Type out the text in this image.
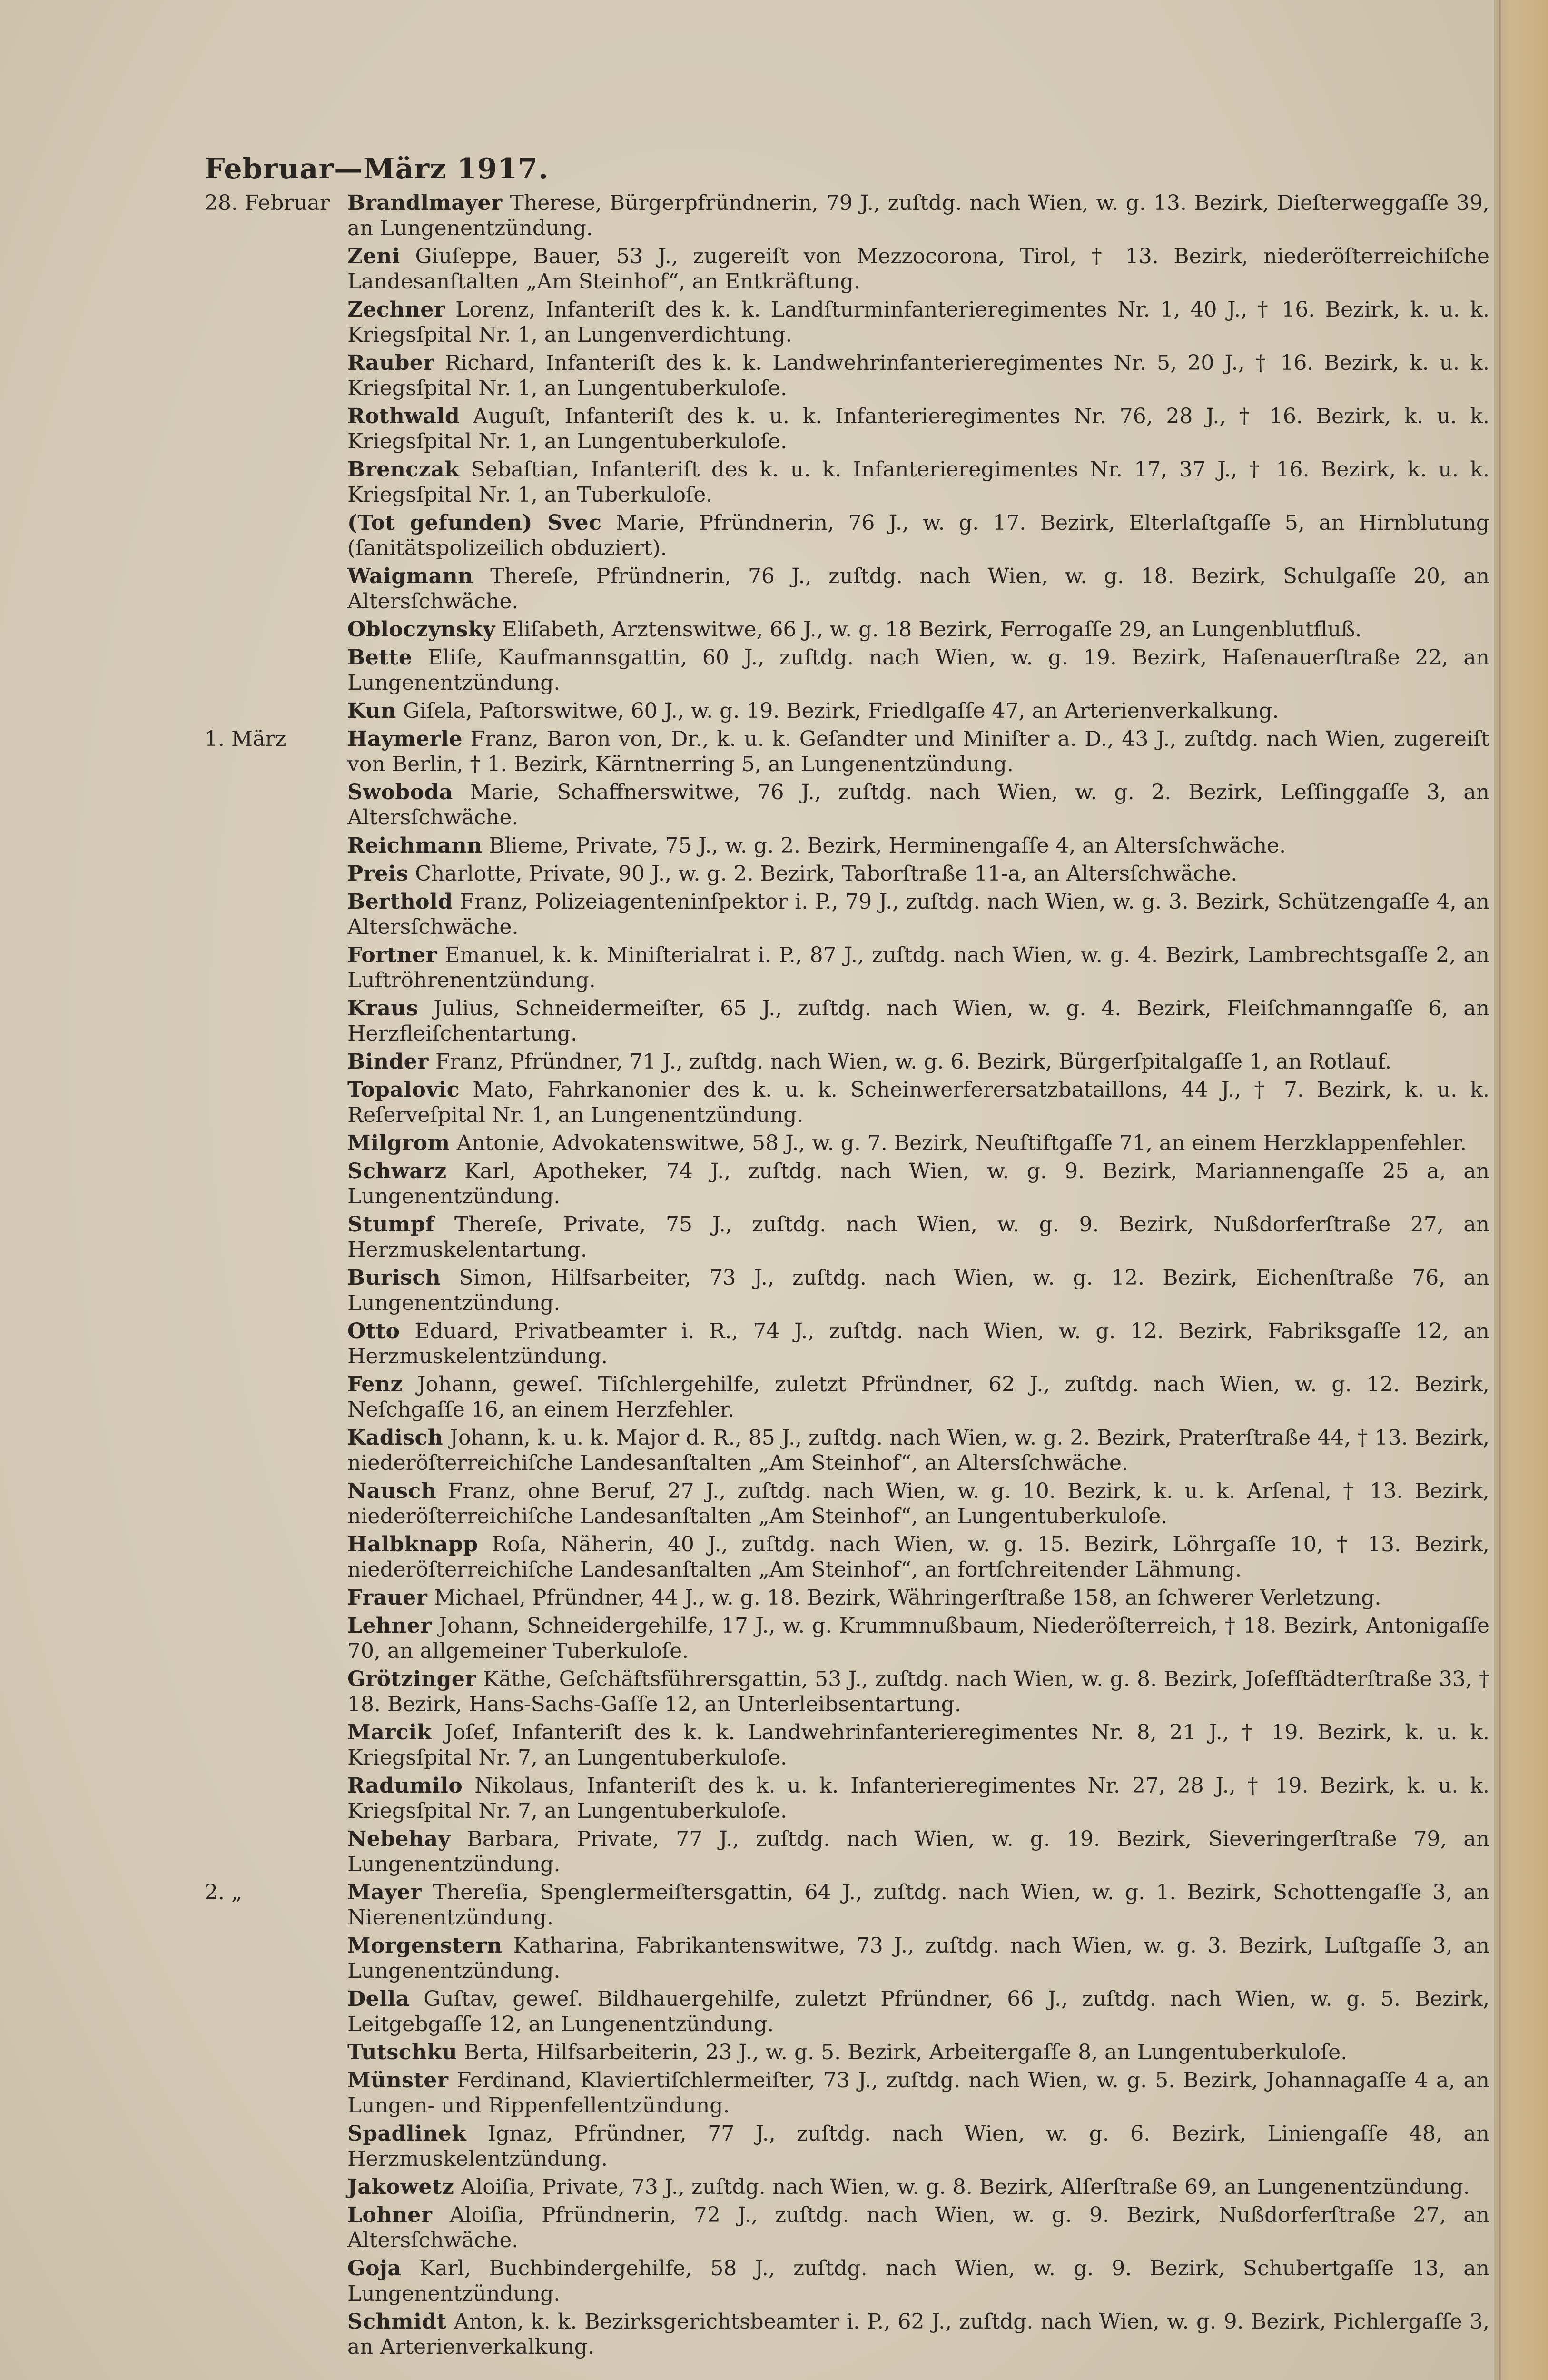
Februar—März 1917.
28. Februar Brandlmayer Therese, Bürgerpfründnerin, 79 J., zuſtdg. nach Wien, w. g. 13. Bezirk, Dieſterweggaſſe 39, an Lungenentzündung.
Zeni Giuſeppe, Bauer, 53 J., zugereiſt von Mezzocorona, Tirol, † 13. Bezirk, niederöſterreichiſche Landesanſtalten „Am Steinhof“, an Entkräftung.
Zechner Lorenz, Infanteriſt des k. k. Landſturminfanterieregimentes Nr. 1, 40 J., † 16. Bezirk, k. u. k. Kriegsſpital Nr. 1, an Lungenverdichtung.
Rauber Richard, Infanteriſt des k. k. Landwehrinfanterieregimentes Nr. 5, 20 J., † 16. Bezirk, k. u. k. Kriegsſpital Nr. 1, an Lungentuberkuloſe.
Rothwald Auguſt, Infanteriſt des k. u. k. Infanterieregimentes Nr. 76, 28 J., † 16. Bezirk, k. u. k. Kriegsſpital Nr. 1, an Lungentuberkuloſe.
Brenczak Sebaſtian, Infanteriſt des k. u. k. Infanterieregimentes Nr. 17, 37 J., † 16. Bezirk, k. u. k. Kriegsſpital Nr. 1, an Tuberkuloſe.
(Tot gefunden) Svec Marie, Pfründnerin, 76 J., w. g. 17. Bezirk, Elterlaſtgaſſe 5, an Hirnblutung (ſanitätspolizeilich obduziert).
Waigmann Thereſe, Pfründnerin, 76 J., zuſtdg. nach Wien, w. g. 18. Bezirk, Schulgaſſe 20, an Altersſchwäche.
Obloczynsky Eliſabeth, Arztenswitwe, 66 J., w. g. 18 Bezirk, Ferrogaſſe 29, an Lungenblutfluß.
Bette Eliſe, Kaufmannsgattin, 60 J., zuſtdg. nach Wien, w. g. 19. Bezirk, Haſenauerſtraße 22, an Lungenentzündung.
Kun Giſela, Paſtorswitwe, 60 J., w. g. 19. Bezirk, Friedlgaſſe 47, an Arterienverkalkung.
1. März	Haymerle Franz, Baron von, Dr., k. u. k. Geſandter und Miniſter a. D., 43 J., zuſtdg. nach Wien, zugereiſt von Berlin, † 1. Bezirk, Kärntnerring 5, an Lungenentzündung.
Swoboda Marie, Schaffnerswitwe, 76 J., zuſtdg. nach Wien, w. g. 2. Bezirk, Leſſinggaſſe 3, an Altersſchwäche.
Reichmann Blieme, Private, 75 J., w. g. 2. Bezirk, Herminengaſſe 4, an Altersſchwäche.
Preis Charlotte, Private, 90 J., w. g. 2. Bezirk, Taborſtraße 11-a, an Altersſchwäche.
Berthold Franz, Polizeiagenteninſpektor i. P., 79 J., zuſtdg. nach Wien, w. g. 3. Bezirk, Schützengaſſe 4, an Altersſchwäche.
Fortner Emanuel, k. k. Miniſterialrat i. P., 87 J., zuſtdg. nach Wien, w. g. 4. Bezirk, Lambrechtsgaſſe 2, an Luftröhrenentzündung.
Kraus Julius, Schneidermeiſter, 65 J., zuſtdg. nach Wien, w. g. 4. Bezirk, Fleiſchmanngaſſe 6, an Herzfleiſchentartung.
Binder Franz, Pfründner, 71 J., zuſtdg. nach Wien, w. g. 6. Bezirk, Bürgerſpitalgaſſe 1, an Rotlauf.
Topalovic Mato, Fahrkanonier des k. u. k. Scheinwerferersatzbataillons, 44 J., † 7. Bezirk, k. u. k. Reſerveſpital Nr. 1, an Lungenentzündung.
Milgrom Antonie, Advokatenswitwe, 58 J., w. g. 7. Bezirk, Neuſtiftgaſſe 71, an einem Herzklappenfehler.
Schwarz Karl, Apotheker, 74 J., zuſtdg. nach Wien, w. g. 9. Bezirk, Mariannengaſſe 25 a, an Lungenentzündung.
Stumpf Thereſe, Private, 75 J., zuſtdg. nach Wien, w. g. 9. Bezirk, Nußdorferſtraße 27, an Herzmuskelentartung.
Burisch Simon, Hilfsarbeiter, 73 J., zuſtdg. nach Wien, w. g. 12. Bezirk, Eichenſtraße 76, an Lungenentzündung.
Otto Eduard, Privatbeamter i. R., 74 J., zuſtdg. nach Wien, w. g. 12. Bezirk, Fabriksgaſſe 12, an Herzmuskelentzündung.
Fenz Johann, geweſ. Tiſchlergehilfe, zuletzt Pfründner, 62 J., zuſtdg. nach Wien, w. g. 12. Bezirk, Neſchgaſſe 16, an einem Herzfehler.
Kadisch Johann, k. u. k. Major d. R., 85 J., zuſtdg. nach Wien, w. g. 2. Bezirk, Praterſtraße 44, † 13. Bezirk, niederöſterreichiſche Landesanſtalten „Am Steinhof“, an Altersſchwäche.
Nausch Franz, ohne Beruf, 27 J., zuſtdg. nach Wien, w. g. 10. Bezirk, k. u. k. Arſenal, † 13. Bezirk, niederöſterreichiſche Landesanſtalten „Am Steinhof“, an Lungentuberkuloſe.
Halbknapp Roſa, Näherin, 40 J., zuſtdg. nach Wien, w. g. 15. Bezirk, Löhrgaſſe 10, † 13. Bezirk, niederöſterreichiſche Landesanſtalten „Am Steinhof“, an fortſchreitender Lähmung.
Frauer Michael, Pfründner, 44 J., w. g. 18. Bezirk, Währingerſtraße 158, an ſchwerer Verletzung.
Lehner Johann, Schneidergehilfe, 17 J., w. g. Krummnußbaum, Niederöſterreich, † 18. Bezirk, Antonigaſſe 70, an allgemeiner Tuberkuloſe.
Grötzinger Käthe, Geſchäftsführersgattin, 53 J., zuſtdg. nach Wien, w. g. 8. Bezirk, Joſefſtädterſtraße 33, † 18. Bezirk, Hans-Sachs-Gaſſe 12, an Unterleibsentartung.
Marcik Joſef, Infanteriſt des k. k. Landwehrinfanterieregimentes Nr. 8, 21 J., † 19. Bezirk, k. u. k. Kriegsſpital Nr. 7, an Lungentuberkuloſe.
Radumilo Nikolaus, Infanteriſt des k. u. k. Infanterieregimentes Nr. 27, 28 J., † 19. Bezirk, k. u. k. Kriegsſpital Nr. 7, an Lungentuberkuloſe.
Nebehay Barbara, Private, 77 J., zuſtdg. nach Wien, w. g. 19. Bezirk, Sieveringerſtraße 79, an Lungenentzündung.
2. „	Mayer Thereſia, Spenglermeiſtersgattin, 64 J., zuſtdg. nach Wien, w. g. 1. Bezirk, Schottengaſſe 3, an Nierenentzündung.
Morgenstern Katharina, Fabrikantenswitwe, 73 J., zuſtdg. nach Wien, w. g. 3. Bezirk, Luſtgaſſe 3, an Lungenentzündung.
Della Guſtav, geweſ. Bildhauergehilfe, zuletzt Pfründner, 66 J., zuſtdg. nach Wien, w. g. 5. Bezirk, Leitgebgaſſe 12, an Lungenentzündung.
Tutschku Berta, Hilfsarbeiterin, 23 J., w. g. 5. Bezirk, Arbeitergaſſe 8, an Lungentuberkuloſe.
Münster Ferdinand, Klaviertiſchlermeiſter, 73 J., zuſtdg. nach Wien, w. g. 5. Bezirk, Johannagaſſe 4 a, an Lungen- und Rippenfellentzündung.
Spadlinek Ignaz, Pfründner, 77 J., zuſtdg. nach Wien, w. g. 6. Bezirk, Liniengaſſe 48, an Herzmuskelentzündung.
Jakowetz Aloiſia, Private, 73 J., zuſtdg. nach Wien, w. g. 8. Bezirk, Alſerſtraße 69, an Lungenentzündung.
Lohner Aloiſia, Pfründnerin, 72 J., zuſtdg. nach Wien, w. g. 9. Bezirk, Nußdorferſtraße 27, an Altersſchwäche.
Goja Karl, Buchbindergehilfe, 58 J., zuſtdg. nach Wien, w. g. 9. Bezirk, Schubertgaſſe 13, an Lungenentzündung.
Schmidt Anton, k. k. Bezirksgerichtsbeamter i. P., 62 J., zuſtdg. nach Wien, w. g. 9. Bezirk, Pichlergaſſe 3, an Arterienverkalkung.
